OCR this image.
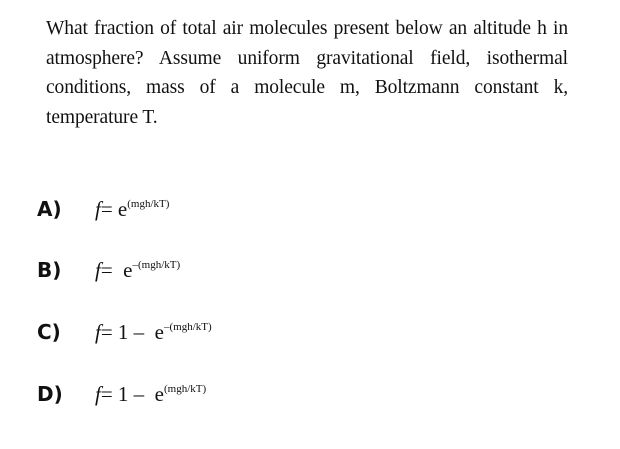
What fraction of total air molecules present below an altitude h in atmosphere? Assume uniform gravitational field, isothermal conditions, mass of a molecule m, Boltzmann constant k, temperature T.

A) $f= e^{(mgh/kT)}$
B) $f= e^{-(mgh/kT)}$
C) $f= 1 - e^{-(mgh/kT)}$
D) $f= 1 - e^{(mgh/kT)}$
